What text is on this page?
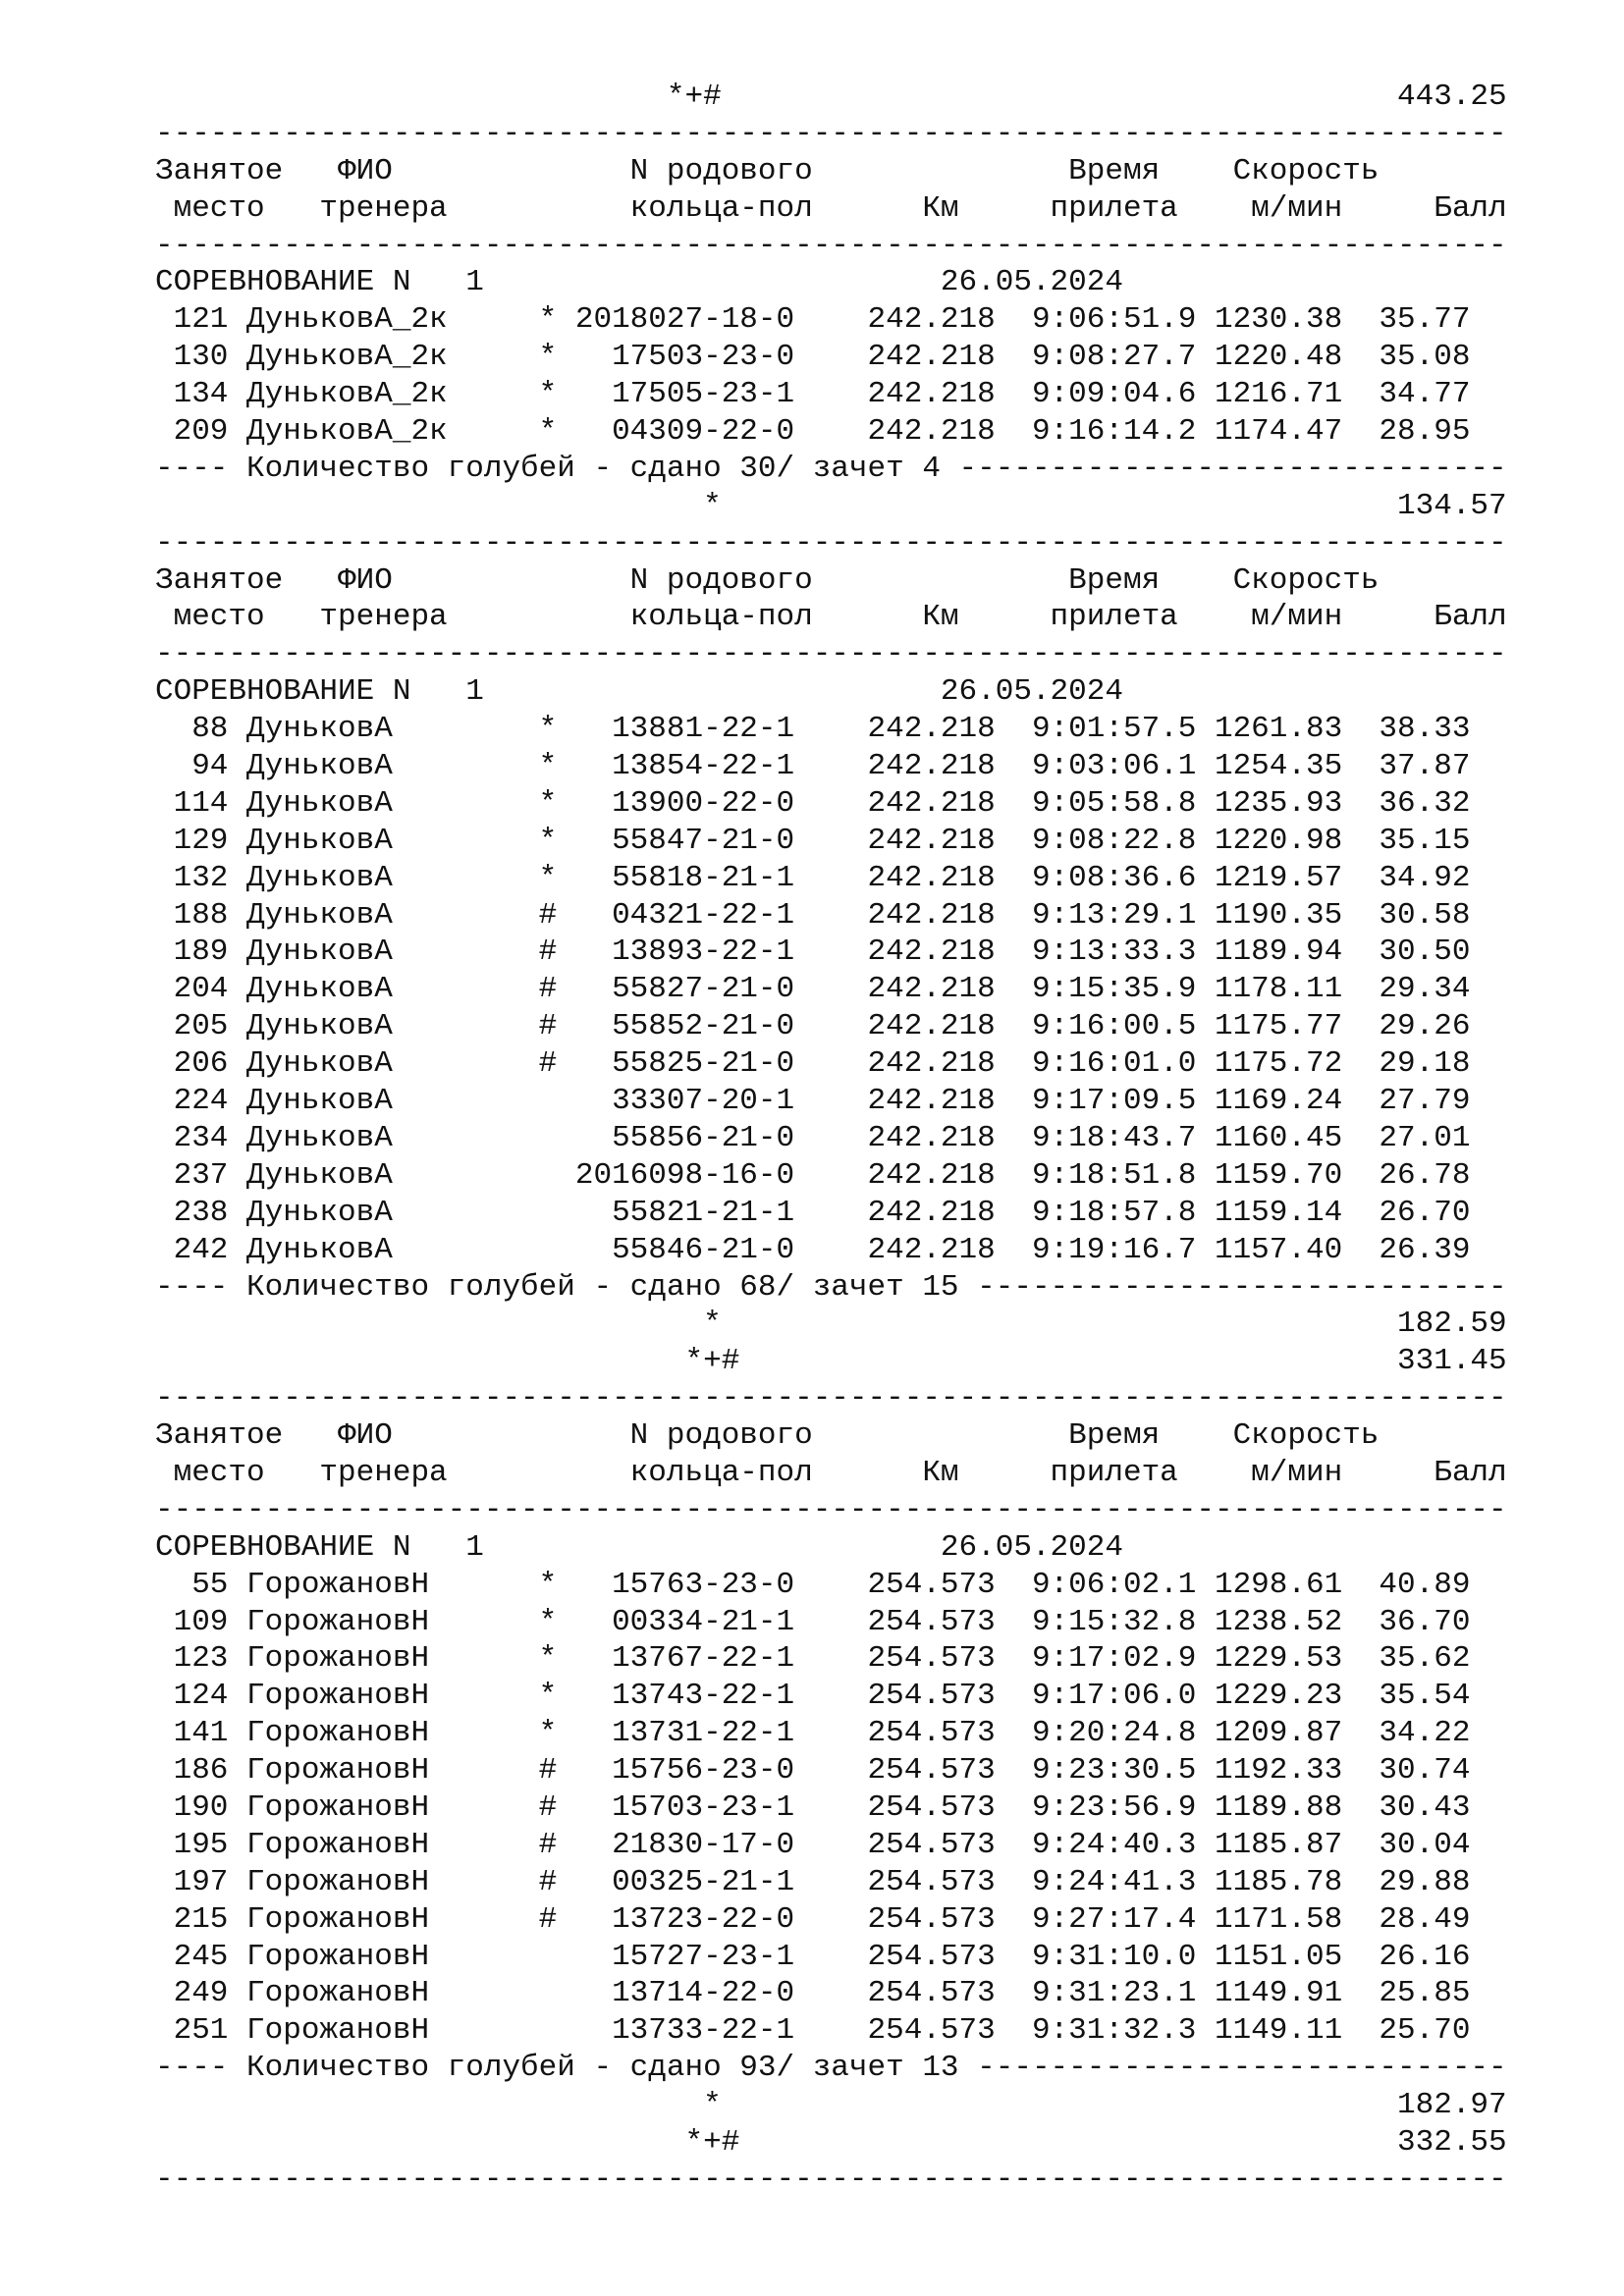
*+#                                     443.25
--------------------------------------------------------------------------
Занятое   ФИО             N родового              Время    Скорость
место   тренера          кольца-пол      Км     прилета    м/мин     Балл
--------------------------------------------------------------------------
СОРЕВНОВАНИЕ N   1                         26.05.2024
121 ДуньковА_2к     * 2018027-18-0    242.218  9:06:51.9 1230.38  35.77
130 ДуньковА_2к     *   17503-23-0    242.218  9:08:27.7 1220.48  35.08
134 ДуньковА_2к     *   17505-23-1    242.218  9:09:04.6 1216.71  34.77
209 ДуньковА_2к     *   04309-22-0    242.218  9:16:14.2 1174.47  28.95
---- Количество голубей - сдано 30/ зачет 4 ------------------------------
*                                     134.57
--------------------------------------------------------------------------
Занятое   ФИО             N родового              Время    Скорость
место   тренера          кольца-пол      Км     прилета    м/мин     Балл
--------------------------------------------------------------------------
СОРЕВНОВАНИЕ N   1                         26.05.2024
88 ДуньковА        *   13881-22-1    242.218  9:01:57.5 1261.83  38.33
94 ДуньковА        *   13854-22-1    242.218  9:03:06.1 1254.35  37.87
114 ДуньковА        *   13900-22-0    242.218  9:05:58.8 1235.93  36.32
129 ДуньковА        *   55847-21-0    242.218  9:08:22.8 1220.98  35.15
132 ДуньковА        *   55818-21-1    242.218  9:08:36.6 1219.57  34.92
188 ДуньковА        #   04321-22-1    242.218  9:13:29.1 1190.35  30.58
189 ДуньковА        #   13893-22-1    242.218  9:13:33.3 1189.94  30.50
204 ДуньковА        #   55827-21-0    242.218  9:15:35.9 1178.11  29.34
205 ДуньковА        #   55852-21-0    242.218  9:16:00.5 1175.77  29.26
206 ДуньковА        #   55825-21-0    242.218  9:16:01.0 1175.72  29.18
224 ДуньковА            33307-20-1    242.218  9:17:09.5 1169.24  27.79
234 ДуньковА            55856-21-0    242.218  9:18:43.7 1160.45  27.01
237 ДуньковА          2016098-16-0    242.218  9:18:51.8 1159.70  26.78
238 ДуньковА            55821-21-1    242.218  9:18:57.8 1159.14  26.70
242 ДуньковА            55846-21-0    242.218  9:19:16.7 1157.40  26.39
---- Количество голубей - сдано 68/ зачет 15 -----------------------------
*                                     182.59
*+#                                    331.45
--------------------------------------------------------------------------
Занятое   ФИО             N родового              Время    Скорость
место   тренера          кольца-пол      Км     прилета    м/мин     Балл
--------------------------------------------------------------------------
СОРЕВНОВАНИЕ N   1                         26.05.2024
55 ГорожановН      *   15763-23-0    254.573  9:06:02.1 1298.61  40.89
109 ГорожановН      *   00334-21-1    254.573  9:15:32.8 1238.52  36.70
123 ГорожановН      *   13767-22-1    254.573  9:17:02.9 1229.53  35.62
124 ГорожановН      *   13743-22-1    254.573  9:17:06.0 1229.23  35.54
141 ГорожановН      *   13731-22-1    254.573  9:20:24.8 1209.87  34.22
186 ГорожановН      #   15756-23-0    254.573  9:23:30.5 1192.33  30.74
190 ГорожановН      #   15703-23-1    254.573  9:23:56.9 1189.88  30.43
195 ГорожановН      #   21830-17-0    254.573  9:24:40.3 1185.87  30.04
197 ГорожановН      #   00325-21-1    254.573  9:24:41.3 1185.78  29.88
215 ГорожановН      #   13723-22-0    254.573  9:27:17.4 1171.58  28.49
245 ГорожановН          15727-23-1    254.573  9:31:10.0 1151.05  26.16
249 ГорожановН          13714-22-0    254.573  9:31:23.1 1149.91  25.85
251 ГорожановН          13733-22-1    254.573  9:31:32.3 1149.11  25.70
---- Количество голубей - сдано 93/ зачет 13 -----------------------------
*                                     182.97
*+#                                    332.55
--------------------------------------------------------------------------
